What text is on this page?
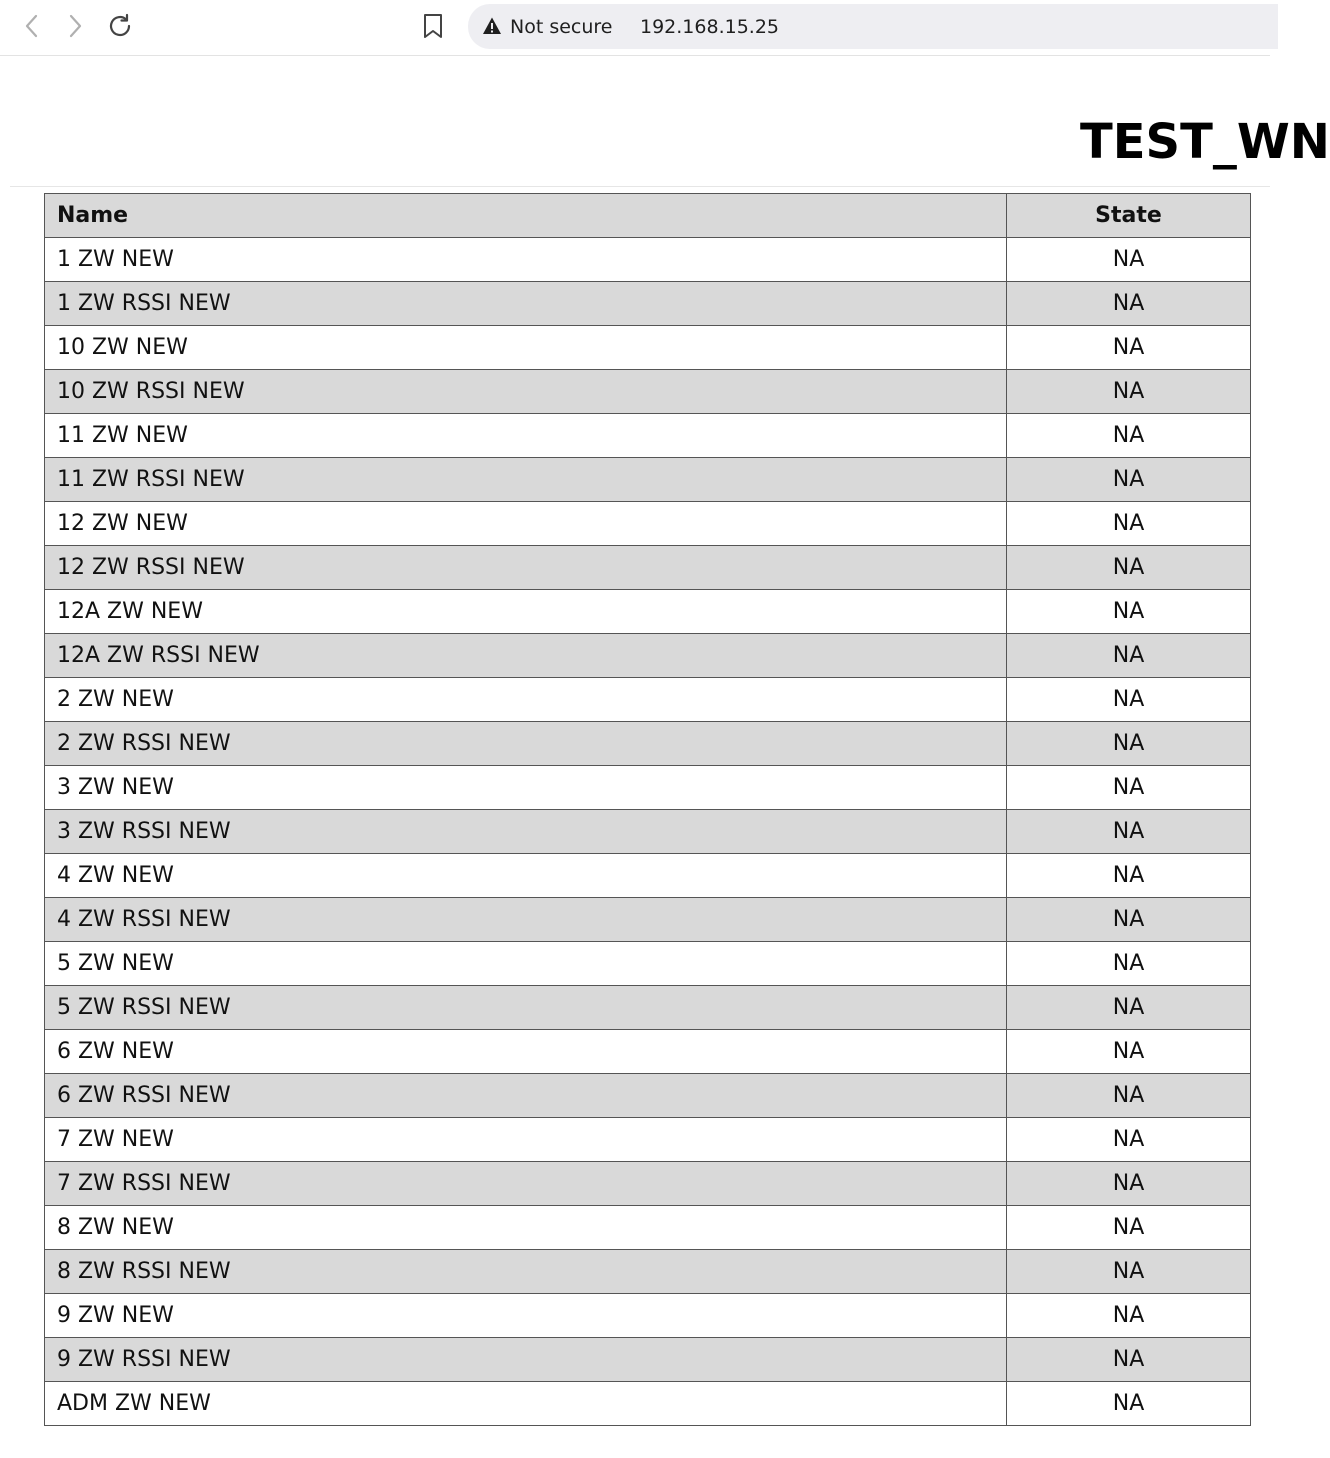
Not secure 192.168.15.25
TEST_WN
Name	State
1 ZW NEW	NA
1 ZW RSSI NEW	NA
10 ZW NEW	NA
10 ZW RSSI NEW	NA
11 ZW NEW	NA
11 ZW RSSI NEW	NA
12 ZW NEW	NA
12 ZW RSSI NEW	NA
12A ZW NEW	NA
12A ZW RSSI NEW	NA
2 ZW NEW	NA
2 ZW RSSI NEW	NA
3 ZW NEW	NA
3 ZW RSSI NEW	NA
4 ZW NEW	NA
4 ZW RSSI NEW	NA
5 ZW NEW	NA
5 ZW RSSI NEW	NA
6 ZW NEW	NA
6 ZW RSSI NEW	NA
7 ZW NEW	NA
7 ZW RSSI NEW	NA
8 ZW NEW	NA
8 ZW RSSI NEW	NA
9 ZW NEW	NA
9 ZW RSSI NEW	NA
ADM ZW NEW	NA
